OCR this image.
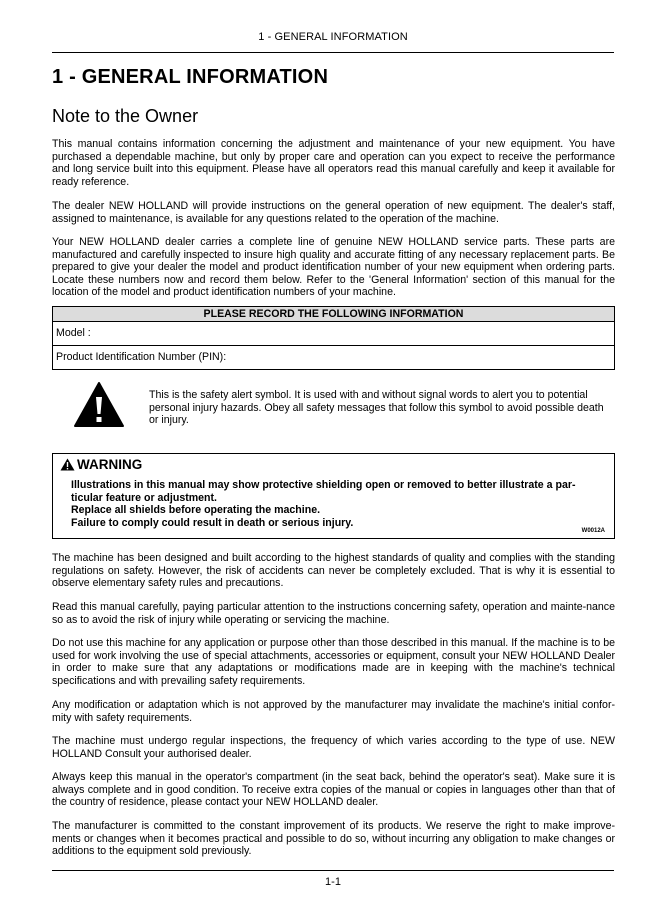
1 - GENERAL INFORMATION
1 - GENERAL INFORMATION
Note to the Owner

This manual contains information concerning the adjustment and maintenance of your new equipment. You have purchased a dependable machine, but only by proper care and operation can you expect to receive the performance and long service built into this equipment. Please have all operators read this manual carefully and keep it available for ready reference.

The dealer NEW HOLLAND will provide instructions on the general operation of new equipment. The dealer's staff, assigned to maintenance, is available for any questions related to the operation of the machine.

Your NEW HOLLAND dealer carries a complete line of genuine NEW HOLLAND service parts. These parts are manufactured and carefully inspected to insure high quality and accurate fitting of any necessary replacement parts. Be prepared to give your dealer the model and product identification number of your new equipment when ordering parts. Locate these numbers now and record them below. Refer to the 'General Information' section of this manual for the location of the model and product identification numbers of your machine.

PLEASE RECORD THE FOLLOWING INFORMATION
Model :
Product Identification Number (PIN):
This is the safety alert symbol. It is used with and without signal words to alert you to potential personal injury hazards. Obey all safety messages that follow this symbol to avoid possible death or injury.
WARNING
Illustrations in this manual may show protective shielding open or removed to better illustrate a par-ticular feature or adjustment.
Replace all shields before operating the machine.
Failure to comply could result in death or serious injury.
W0012A

The machine has been designed and built according to the highest standards of quality and complies with the standing regulations on safety. However, the risk of accidents can never be completely excluded. That is why it is essential to observe elementary safety rules and precautions.

Read this manual carefully, paying particular attention to the instructions concerning safety, operation and mainte-nance so as to avoid the risk of injury while operating or servicing the machine.

Do not use this machine for any application or purpose other than those described in this manual. If the machine is to be used for work involving the use of special attachments, accessories or equipment, consult your NEW HOLLAND Dealer in order to make sure that any adaptations or modifications made are in keeping with the machine's technical specifications and with prevailing safety requirements.

Any modification or adaptation which is not approved by the manufacturer may invalidate the machine's initial confor-mity with safety requirements.

The machine must undergo regular inspections, the frequency of which varies according to the type of use. NEW HOLLAND Consult your authorised dealer.

Always keep this manual in the operator's compartment (in the seat back, behind the operator's seat). Make sure it is always complete and in good condition. To receive extra copies of the manual or copies in languages other than that of the country of residence, please contact your NEW HOLLAND dealer.

The manufacturer is committed to the constant improvement of its products. We reserve the right to make improve-ments or changes when it becomes practical and possible to do so, without incurring any obligation to make changes or additions to the equipment sold previously.

1-1
